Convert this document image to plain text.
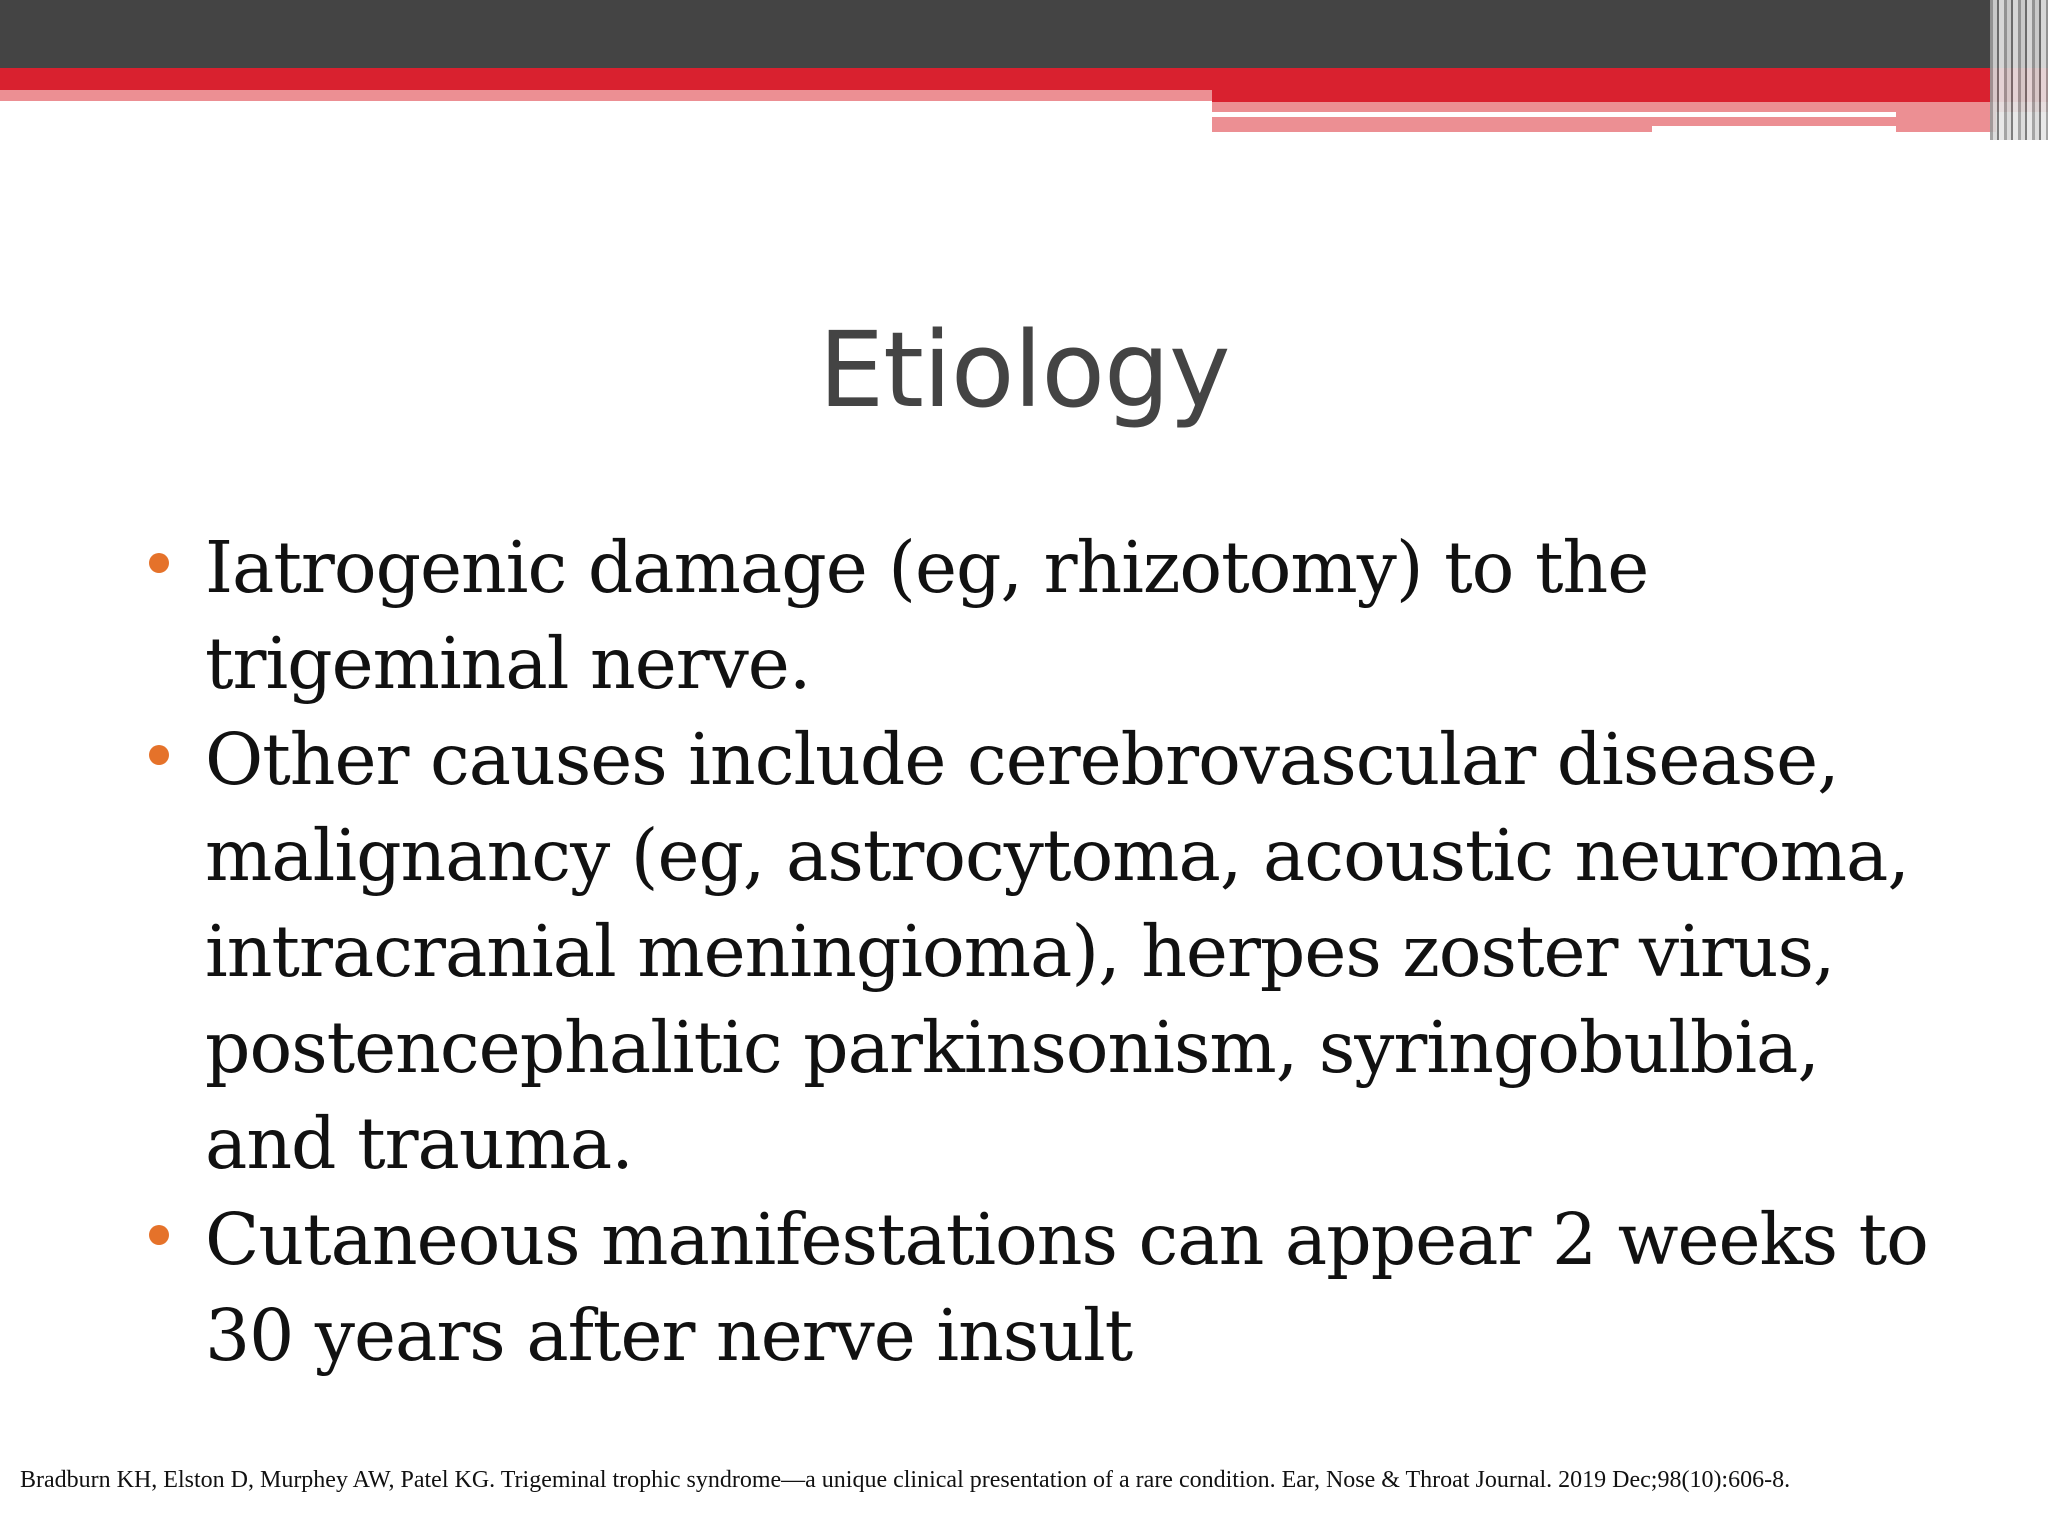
Etiology
Iatrogenic damage (eg, rhizotomy) to the trigeminal nerve.
Other causes include cerebrovascular disease, malignancy (eg, astrocytoma, acoustic neuroma, intracranial meningioma), herpes zoster virus, postencephalitic parkinsonism, syringobulbia, and trauma.
Cutaneous manifestations can appear 2 weeks to 30 years after nerve insult

Bradburn KH, Elston D, Murphey AW, Patel KG. Trigeminal trophic syndrome—a unique clinical presentation of a rare condition. Ear, Nose & Throat Journal. 2019 Dec;98(10):606-8.
